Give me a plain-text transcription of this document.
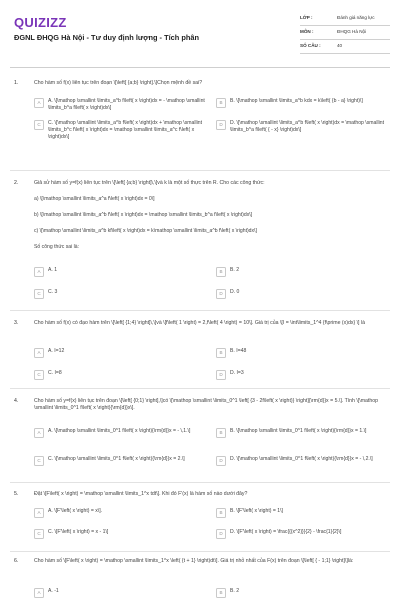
QUIZIZZ
ĐGNL ĐHQG Hà Nội - Tư duy định lượng - Tích phân
LỚP :	Đánh giá năng lực
MÔN :	ĐHQG Hà Nội
SỐ CÂU :	40
1.	Cho hàm số f(x) liên tục trên đoạn \[\left[ {a;b} \right].\]Chọn mệnh đề sai?
A	A. \[\mathop \smallint \limits_a^b f\left( x \right)dx = - \mathop \smallint \limits_b^a f\left( x \right)dx\]
B	B. \[\mathop \smallint \limits_a^b kdx = k\left( {b - a} \right)\]
C	C. \[\mathop \smallint \limits_a^b f\left( x \right)dx + \mathop \smallint \limits_b^c f\left( x \right)dx = \mathop \smallint \limits_a^c f\left( x \right)dx\]
D	D. \[\mathop \smallint \limits_a^b f\left( x \right)dx = \mathop \smallint \limits_b^a f\left( { - x} \right)dx\]
2.	Giả sử hàm số y=f(x) liên tục trên \[\left[ {a;b} \right]\,\]và k là một số thực trên R. Cho các công thức:
a) \[\mathop \smallint \limits_a^a f\left( x \right)dx = 0\]
b) \[\mathop \smallint \limits_a^b f\left( x \right)dx = \mathop \smallint \limits_b^a f\left( x \right)dx\]
c) \[\mathop \smallint \limits_a^b kf\left( x \right)dx = k\mathop \smallint \limits_a^b f\left( x \right)dx\]
Số công thức sai là:
A	A. 1	B	B. 2
C	C. 3	D	D. 0
3.	Cho hàm số f(x) có đạo hàm trên \[\left[ {1;4} \right]\,\]và \[f\left( 1 \right) = 2,f\left( 4 \right) = 10\]. Giá trị của \[I = \int\limits_1^4 {f\prime (x)dx} \] là
A	A. I=12	B	B. I=48
C	C. I=8	D	D. I=3
4.	Cho hàm số y=f(x) liên tục trên đoạn \[\left[ {0;1} \right],\]có \[\mathop \smallint \limits_0^1 \left[ {3 - 2f\left( x \right)} \right]{\rm{d}}x = 5.\]. Tính \[\mathop \smallint \limits_0^1 f\left( x \right){\rm{d}}x\].
A	A. \[\mathop \smallint \limits_0^1 f\left( x \right){\rm{d}}x = - \,1.\]	B	B. \[\mathop \smallint \limits_0^1 f\left( x \right){\rm{d}}x = 1.\]
C	C. \[\mathop \smallint \limits_0^1 f\left( x \right){\rm{d}}x = 2.\]	D	D. \[\mathop \smallint \limits_0^1 f\left( x \right){\rm{d}}x = - \,2.\]
5.	Đặt \[F\left( x \right) = \mathop \smallint \limits_1^x tdt\]. Khi đó F'(x) là hàm số nào dưới đây?
A	A. \[F'\left( x \right) = x\].	B	B. \[F'\left( x \right) = 1\]
C	C. \[F'\left( x \right) = x - 1\]	D	D. \[F'\left( x \right) = \frac{{{x^2}}}{2} - \frac{1}{2}\]
6.	Cho hàm số \[F\left( x \right) = \mathop \smallint \limits_1^x \left( {t + 1} \right)dt\]. Giá trị nhỏ nhất của F(x) trên đoạn \[\left[ { - 1;1} \right]\]là:
A	A. -1	B	B. 2
